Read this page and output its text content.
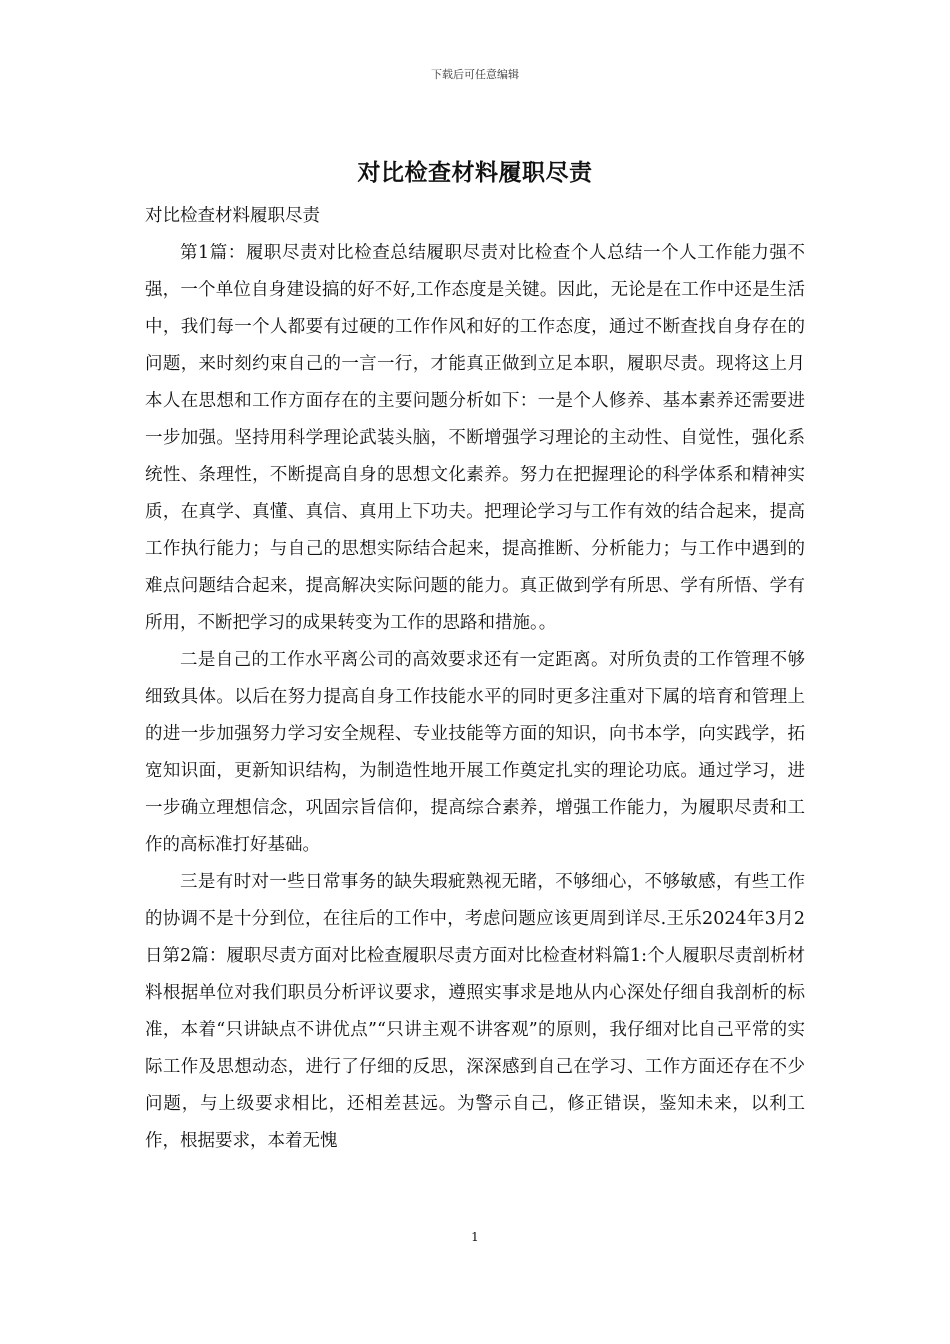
下载后可任意编辑
对比检查材料履职尽责

对比检查材料履职尽责

第1篇：履职尽责对比检查总结履职尽责对比检查个人总结一个人工作能力强不强，一个单位自身建设搞的好不好,工作态度是关键。因此，无论是在工作中还是生活中，我们每一个人都要有过硬的工作作风和好的工作态度，通过不断查找自身存在的问题，来时刻约束自己的一言一行，才能真正做到立足本职，履职尽责。现将这上月本人在思想和工作方面存在的主要问题分析如下：一是个人修养、基本素养还需要进一步加强。坚持用科学理论武装头脑，不断增强学习理论的主动性、自觉性，强化系统性、条理性，不断提高自身的思想文化素养。努力在把握理论的科学体系和精神实质，在真学、真懂、真信、真用上下功夫。把理论学习与工作有效的结合起来，提高工作执行能力；与自己的思想实际结合起来，提高推断、分析能力；与工作中遇到的难点问题结合起来，提高解决实际问题的能力。真正做到学有所思、学有所悟、学有所用，不断把学习的成果转变为工作的思路和措施。。

二是自己的工作水平离公司的高效要求还有一定距离。对所负责的工作管理不够细致具体。以后在努力提高自身工作技能水平的同时更多注重对下属的培育和管理上的进一步加强努力学习安全规程、专业技能等方面的知识，向书本学，向实践学，拓宽知识面，更新知识结构，为制造性地开展工作奠定扎实的理论功底。通过学习，进一步确立理想信念，巩固宗旨信仰，提高综合素养，增强工作能力，为履职尽责和工作的高标准打好基础。

三是有时对一些日常事务的缺失瑕疵熟视无睹，不够细心，不够敏感，有些工作的协调不是十分到位，在往后的工作中，考虑问题应该更周到详尽.王乐2024年3月2日第2篇：履职尽责方面对比检查履职尽责方面对比检查材料篇1:个人履职尽责剖析材料根据单位对我们职员分析评议要求，遵照实事求是地从内心深处仔细自我剖析的标准，本着“只讲缺点不讲优点”“只讲主观不讲客观”的原则，我仔细对比自己平常的实际工作及思想动态，进行了仔细的反思，深深感到自己在学习、工作方面还存在不少问题，与上级要求相比，还相差甚远。为警示自己，修正错误，鉴知未来，以利工作，根据要求，本着无愧

1
